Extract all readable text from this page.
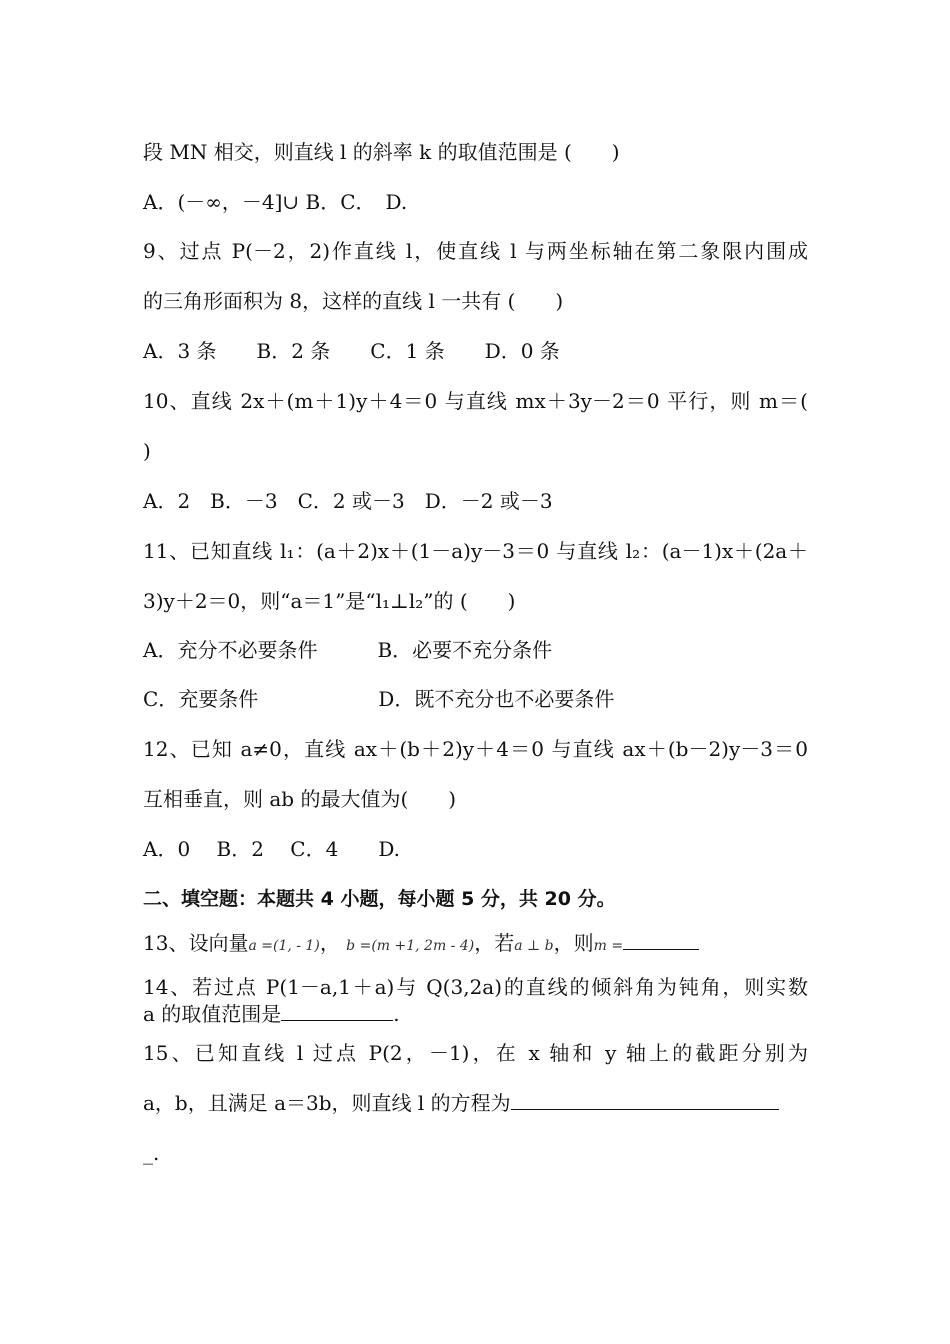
段 MN 相交，则直线 l 的斜率 k 的取值范围是 (　　)
A．(－∞，－4]∪ B．C．　D.
9、过点 P(－2，2)作直线 l，使直线 l 与两坐标轴在第二象限内围成
的三角形面积为 8，这样的直线 l 一共有 (　　)
A．3 条　　B．2 条　　C．1 条　　D．0 条
10、直线 2x＋(m＋1)y＋4＝0 与直线 mx＋3y－2＝0 平行，则 m＝(
)
A．2　B．－3　C．2 或－3　D．－2 或－3
11、已知直线 l₁：(a＋2)x＋(1－a)y－3＝0 与直线 l₂：(a－1)x＋(2a＋
3)y＋2＝0，则“a＝1”是“l₁⊥l₂”的 (　　)
A．充分不必要条件　　　B．必要不充分条件
C．充要条件　　　　　　D．既不充分也不必要条件
12、已知 a≠0，直线 ax＋(b＋2)y＋4＝0 与直线 ax＋(b－2)y－3＝0
互相垂直，则 ab 的最大值为(　　)
A．0　 B．2　 C．4　　D.
二、填空题：本题共 4 小题，每小题 5 分，共 20 分。
13、设向量a =(1, - 1)， b =(m +1, 2m - 4)，若a ⊥ b，则m =
14、若过点 P(1－a,1＋a)与 Q(3,2a)的直线的倾斜角为钝角，则实数
a 的取值范围是	.
15、已知直线 l 过点 P(2，－1)，在 x 轴和 y 轴上的截距分别为
a，b，且满足 a＝3b，则直线 l 的方程为
_.
